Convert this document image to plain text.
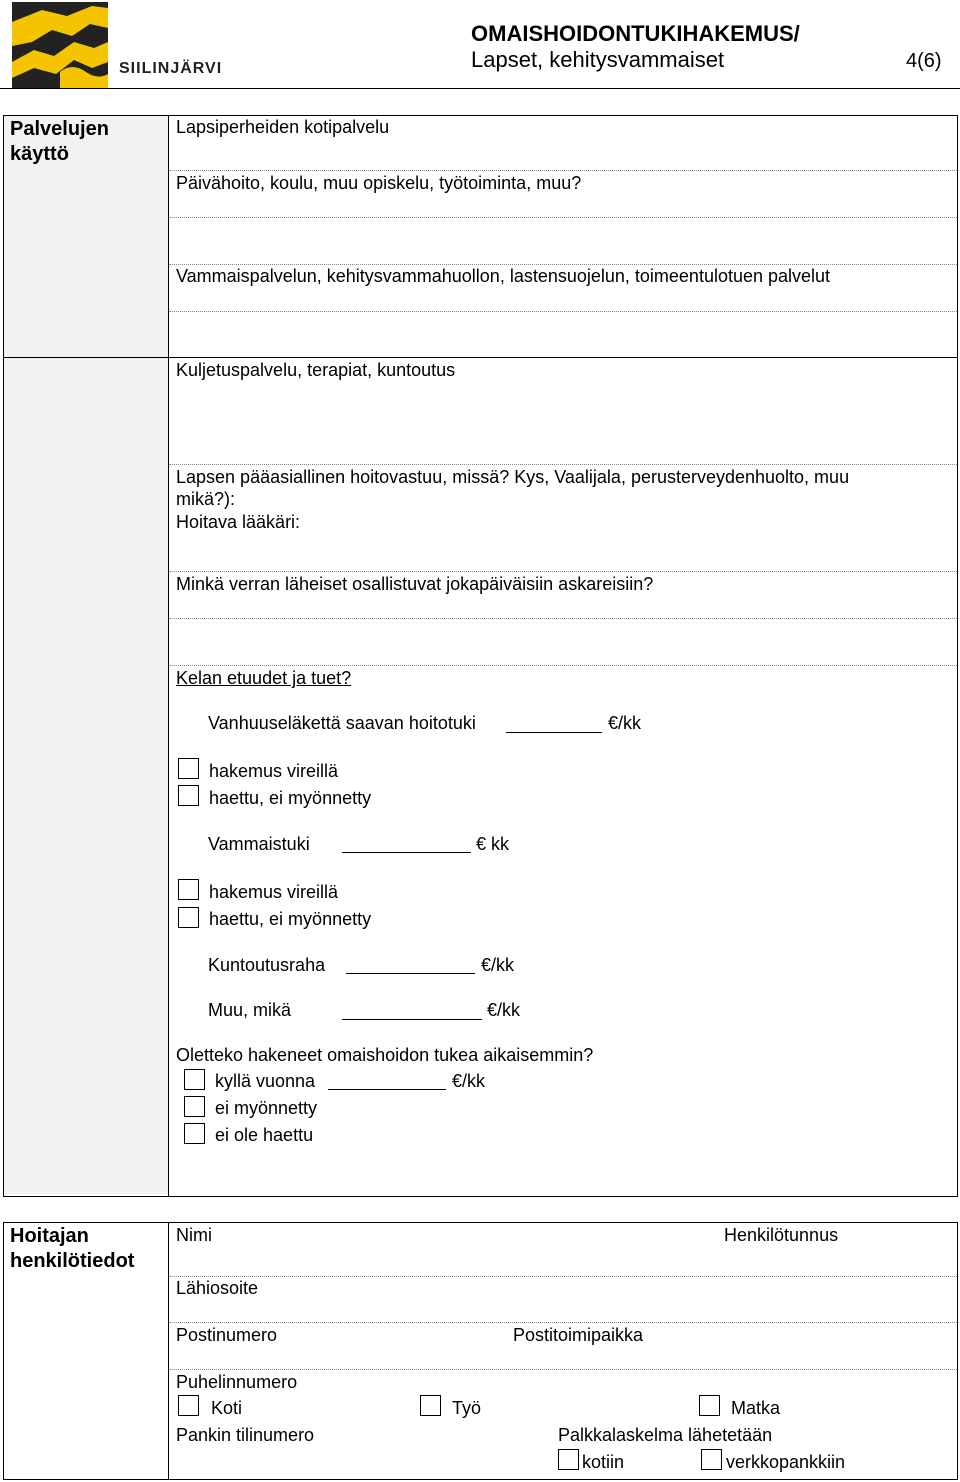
SIILINJÄRVI
OMAISHOIDONTUKIHAKEMUS/
Lapset, kehitysvammaiset	4(6)
Palvelujen
käyttö
Lapsiperheiden kotipalvelu
Päivähoito, koulu, muu opiskelu, työtoiminta, muu?
Vammaispalvelun, kehitysvammahuollon, lastensuojelun, toimeentulotuen palvelut
Kuljetuspalvelu, terapiat, kuntoutus
Lapsen pääasiallinen hoitovastuu, missä? Kys, Vaalijala, perusterveydenhuolto, muu
mikä?):
Hoitava lääkäri:
Minkä verran läheiset osallistuvat jokapäiväisiin askareisiin?
Kelan etuudet ja tuet?
Vanhuuseläkettä saavan hoitotuki	€/kk
hakemus vireillä
haettu, ei myönnetty
Vammaistuki	€ kk
hakemus vireillä
haettu, ei myönnetty
Kuntoutusraha	€/kk
Muu, mikä	€/kk
Oletteko hakeneet omaishoidon tukea aikaisemmin?
kyllä vuonna	€/kk
ei myönnetty
ei ole haettu
Hoitajan
henkilötiedot
Nimi	Henkilötunnus
Lähiosoite
Postinumero	Postitoimipaikka
Puhelinnumero
Koti	Työ	Matka
Pankin tilinumero	Palkkalaskelma lähetetään
kotiin	verkkopankkiin
